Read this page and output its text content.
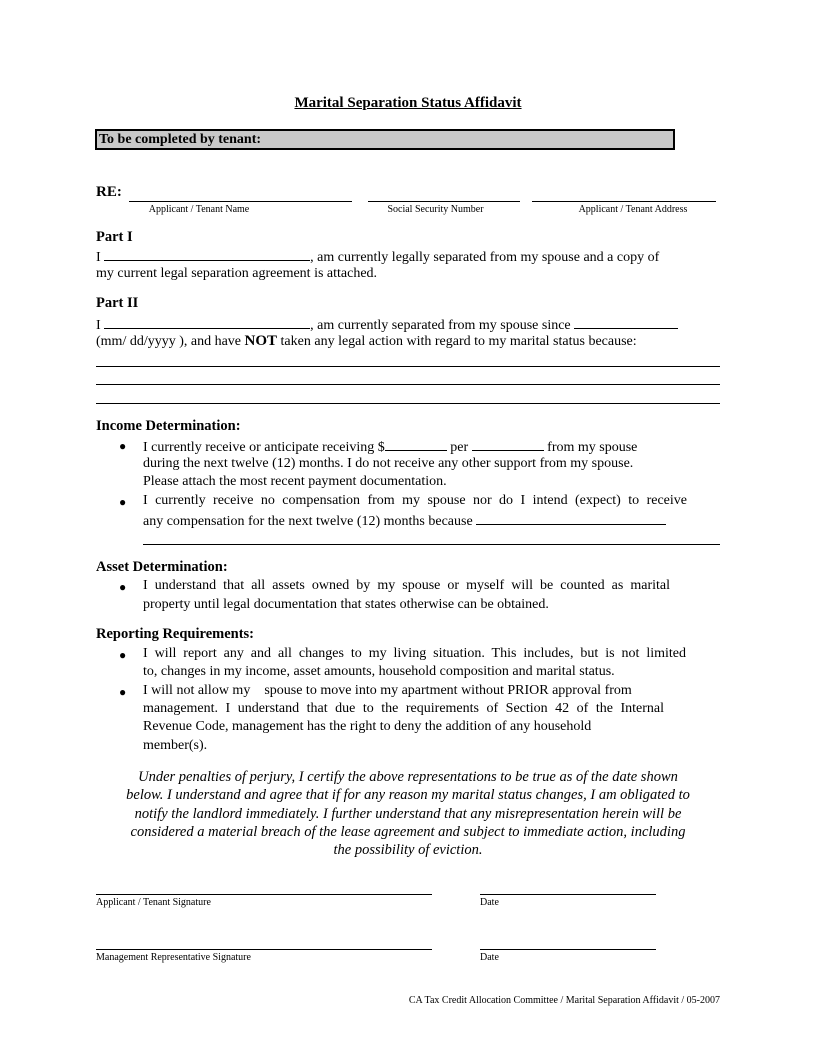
Marital Separation Status Affidavit
To be completed by tenant:
RE:
Applicant / Tenant Name	Social Security Number	Applicant / Tenant Address
Part I
I	, am currently legally separated from my spouse and a copy of
my current legal separation agreement is attached.
Part II
I	, am currently separated from my spouse since
(mm/ dd/yyyy ), and have NOT taken any legal action with regard to my marital status because:
Income Determination:
● I currently receive or anticipate receiving $	per	from my spouse
during the next twelve (12) months. I do not receive any other support from my spouse.
Please attach the most recent payment documentation.
● I currently receive no compensation from my spouse nor do I intend (expect) to receive
any compensation for the next twelve (12) months because
Asset Determination:
● I understand that all assets owned by my spouse or myself will be counted as marital
property until legal documentation that states otherwise can be obtained.
Reporting Requirements:
● I will report any and all changes to my living situation. This includes, but is not limited
to, changes in my income, asset amounts, household composition and marital status.
● I will not allow my    spouse to move into my apartment without PRIOR approval from
management. I understand that due to the requirements of Section 42 of the Internal
Revenue Code, management has the right to deny the addition of any household
member(s).
Under penalties of perjury, I certify the above representations to be true as of the date shown
below. I understand and agree that if for any reason my marital status changes, I am obligated to
notify the landlord immediately. I further understand that any misrepresentation herein will be
considered a material breach of the lease agreement and subject to immediate action, including
the possibility of eviction.
Applicant / Tenant Signature	Date
Management Representative Signature	Date
CA Tax Credit Allocation Committee / Marital Separation Affidavit / 05-2007
